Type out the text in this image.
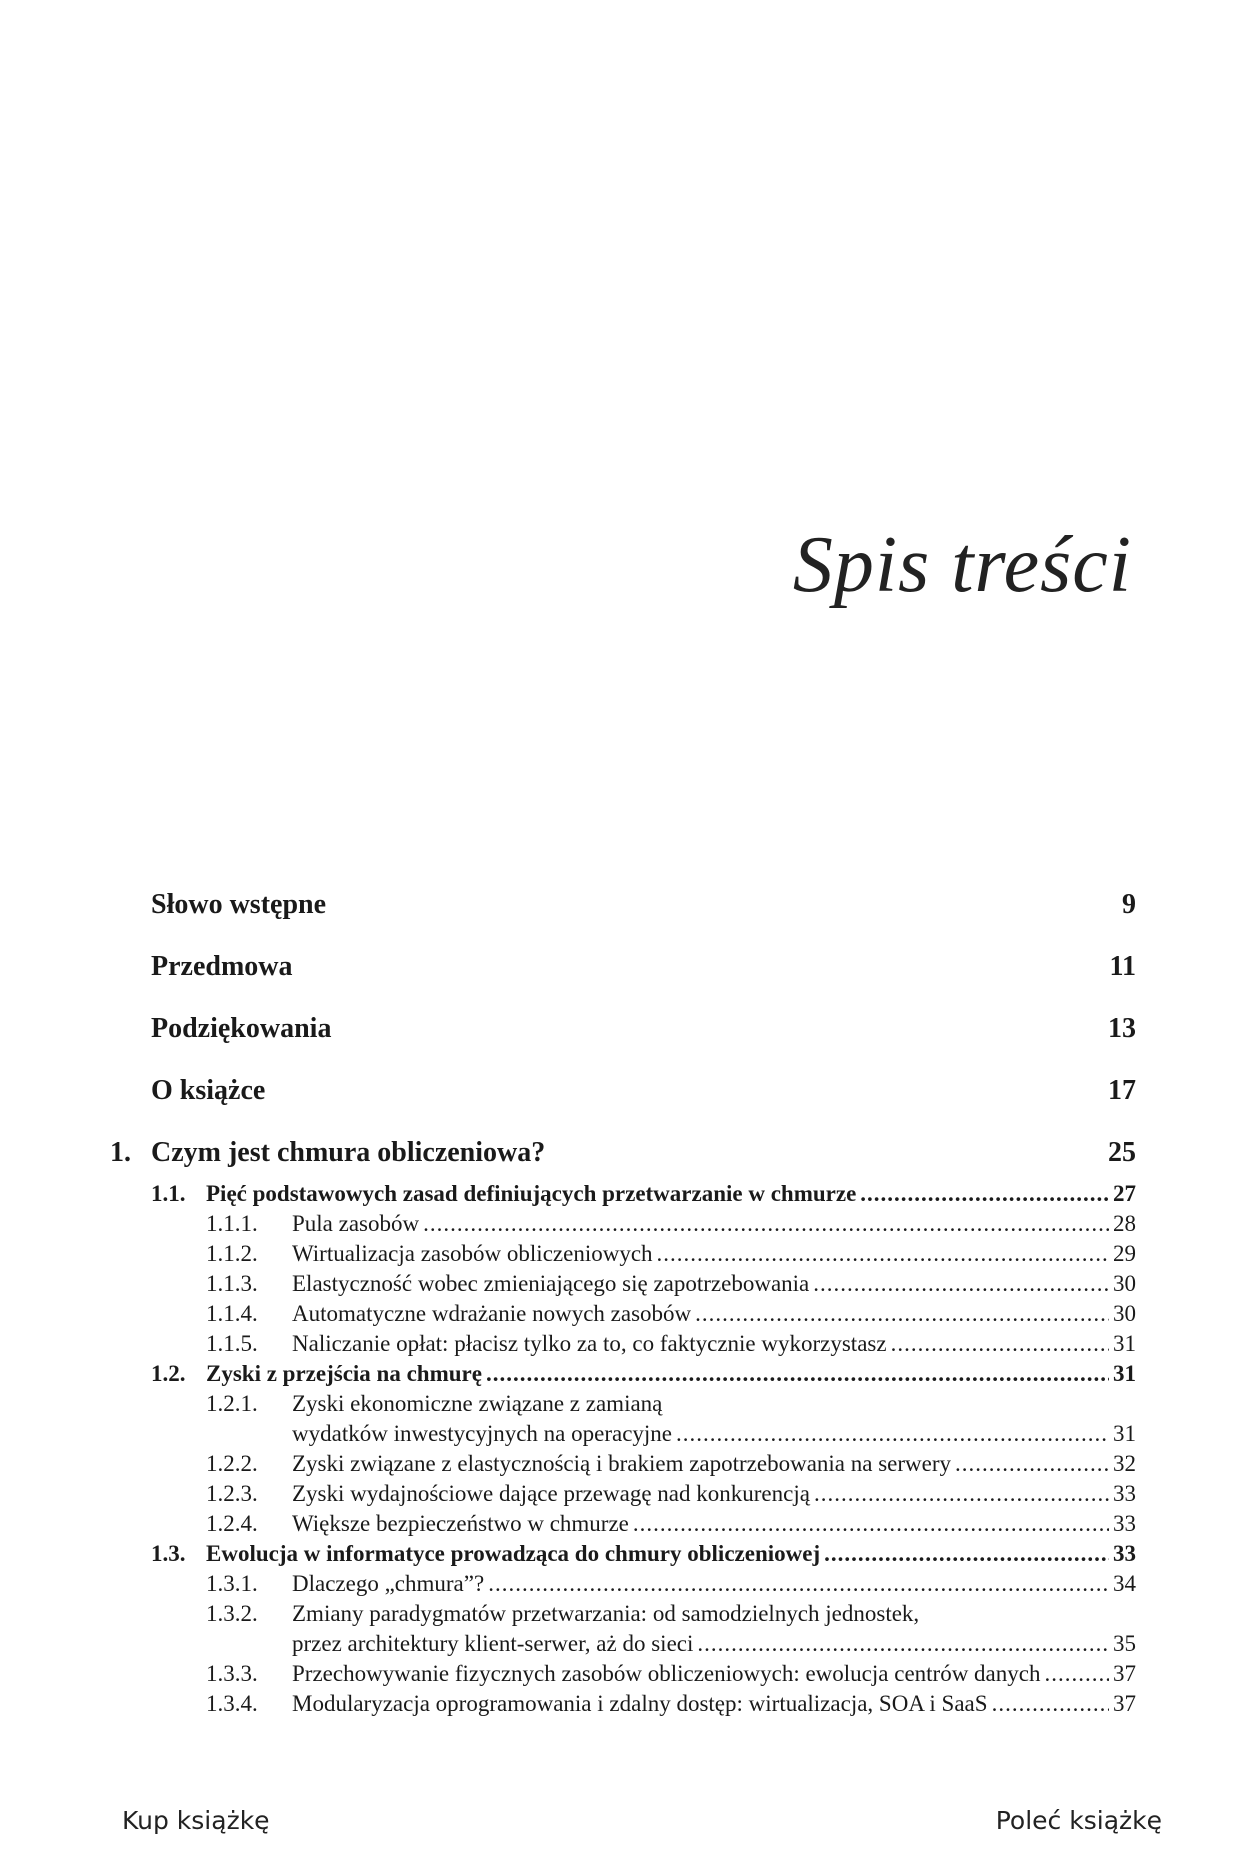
Spis treści
Słowo wstępne	9
Przedmowa	11
Podziękowania	13
O książce	17
1. Czym jest chmura obliczeniowa?	25
1.1. Pięć podstawowych zasad definiujących przetwarzanie w chmurze .....	27
1.1.1.	Pula zasobów .....	28
1.1.2.	Wirtualizacja zasobów obliczeniowych .....	29
1.1.3.	Elastyczność wobec zmieniającego się zapotrzebowania .....	30
1.1.4.	Automatyczne wdrażanie nowych zasobów .....	30
1.1.5.	Naliczanie opłat: płacisz tylko za to, co faktycznie wykorzystasz .....	31
1.2. Zyski z przejścia na chmurę .....	31
1.2.1.	Zyski ekonomiczne związane z zamianą
wydatków inwestycyjnych na operacyjne .....	31
1.2.2.	Zyski związane z elastycznością i brakiem zapotrzebowania na serwery .....	32
1.2.3.	Zyski wydajnościowe dające przewagę nad konkurencją .....	33
1.2.4.	Większe bezpieczeństwo w chmurze .....	33
1.3. Ewolucja w informatyce prowadząca do chmury obliczeniowej .....	33
1.3.1.	Dlaczego „chmura”? .....	34
1.3.2.	Zmiany paradygmatów przetwarzania: od samodzielnych jednostek,
przez architektury klient-serwer, aż do sieci .....	35
1.3.3.	Przechowywanie fizycznych zasobów obliczeniowych: ewolucja centrów danych .....	37
1.3.4.	Modularyzacja oprogramowania i zdalny dostęp: wirtualizacja, SOA i SaaS .....	37
Kup książkę	Poleć książkę
